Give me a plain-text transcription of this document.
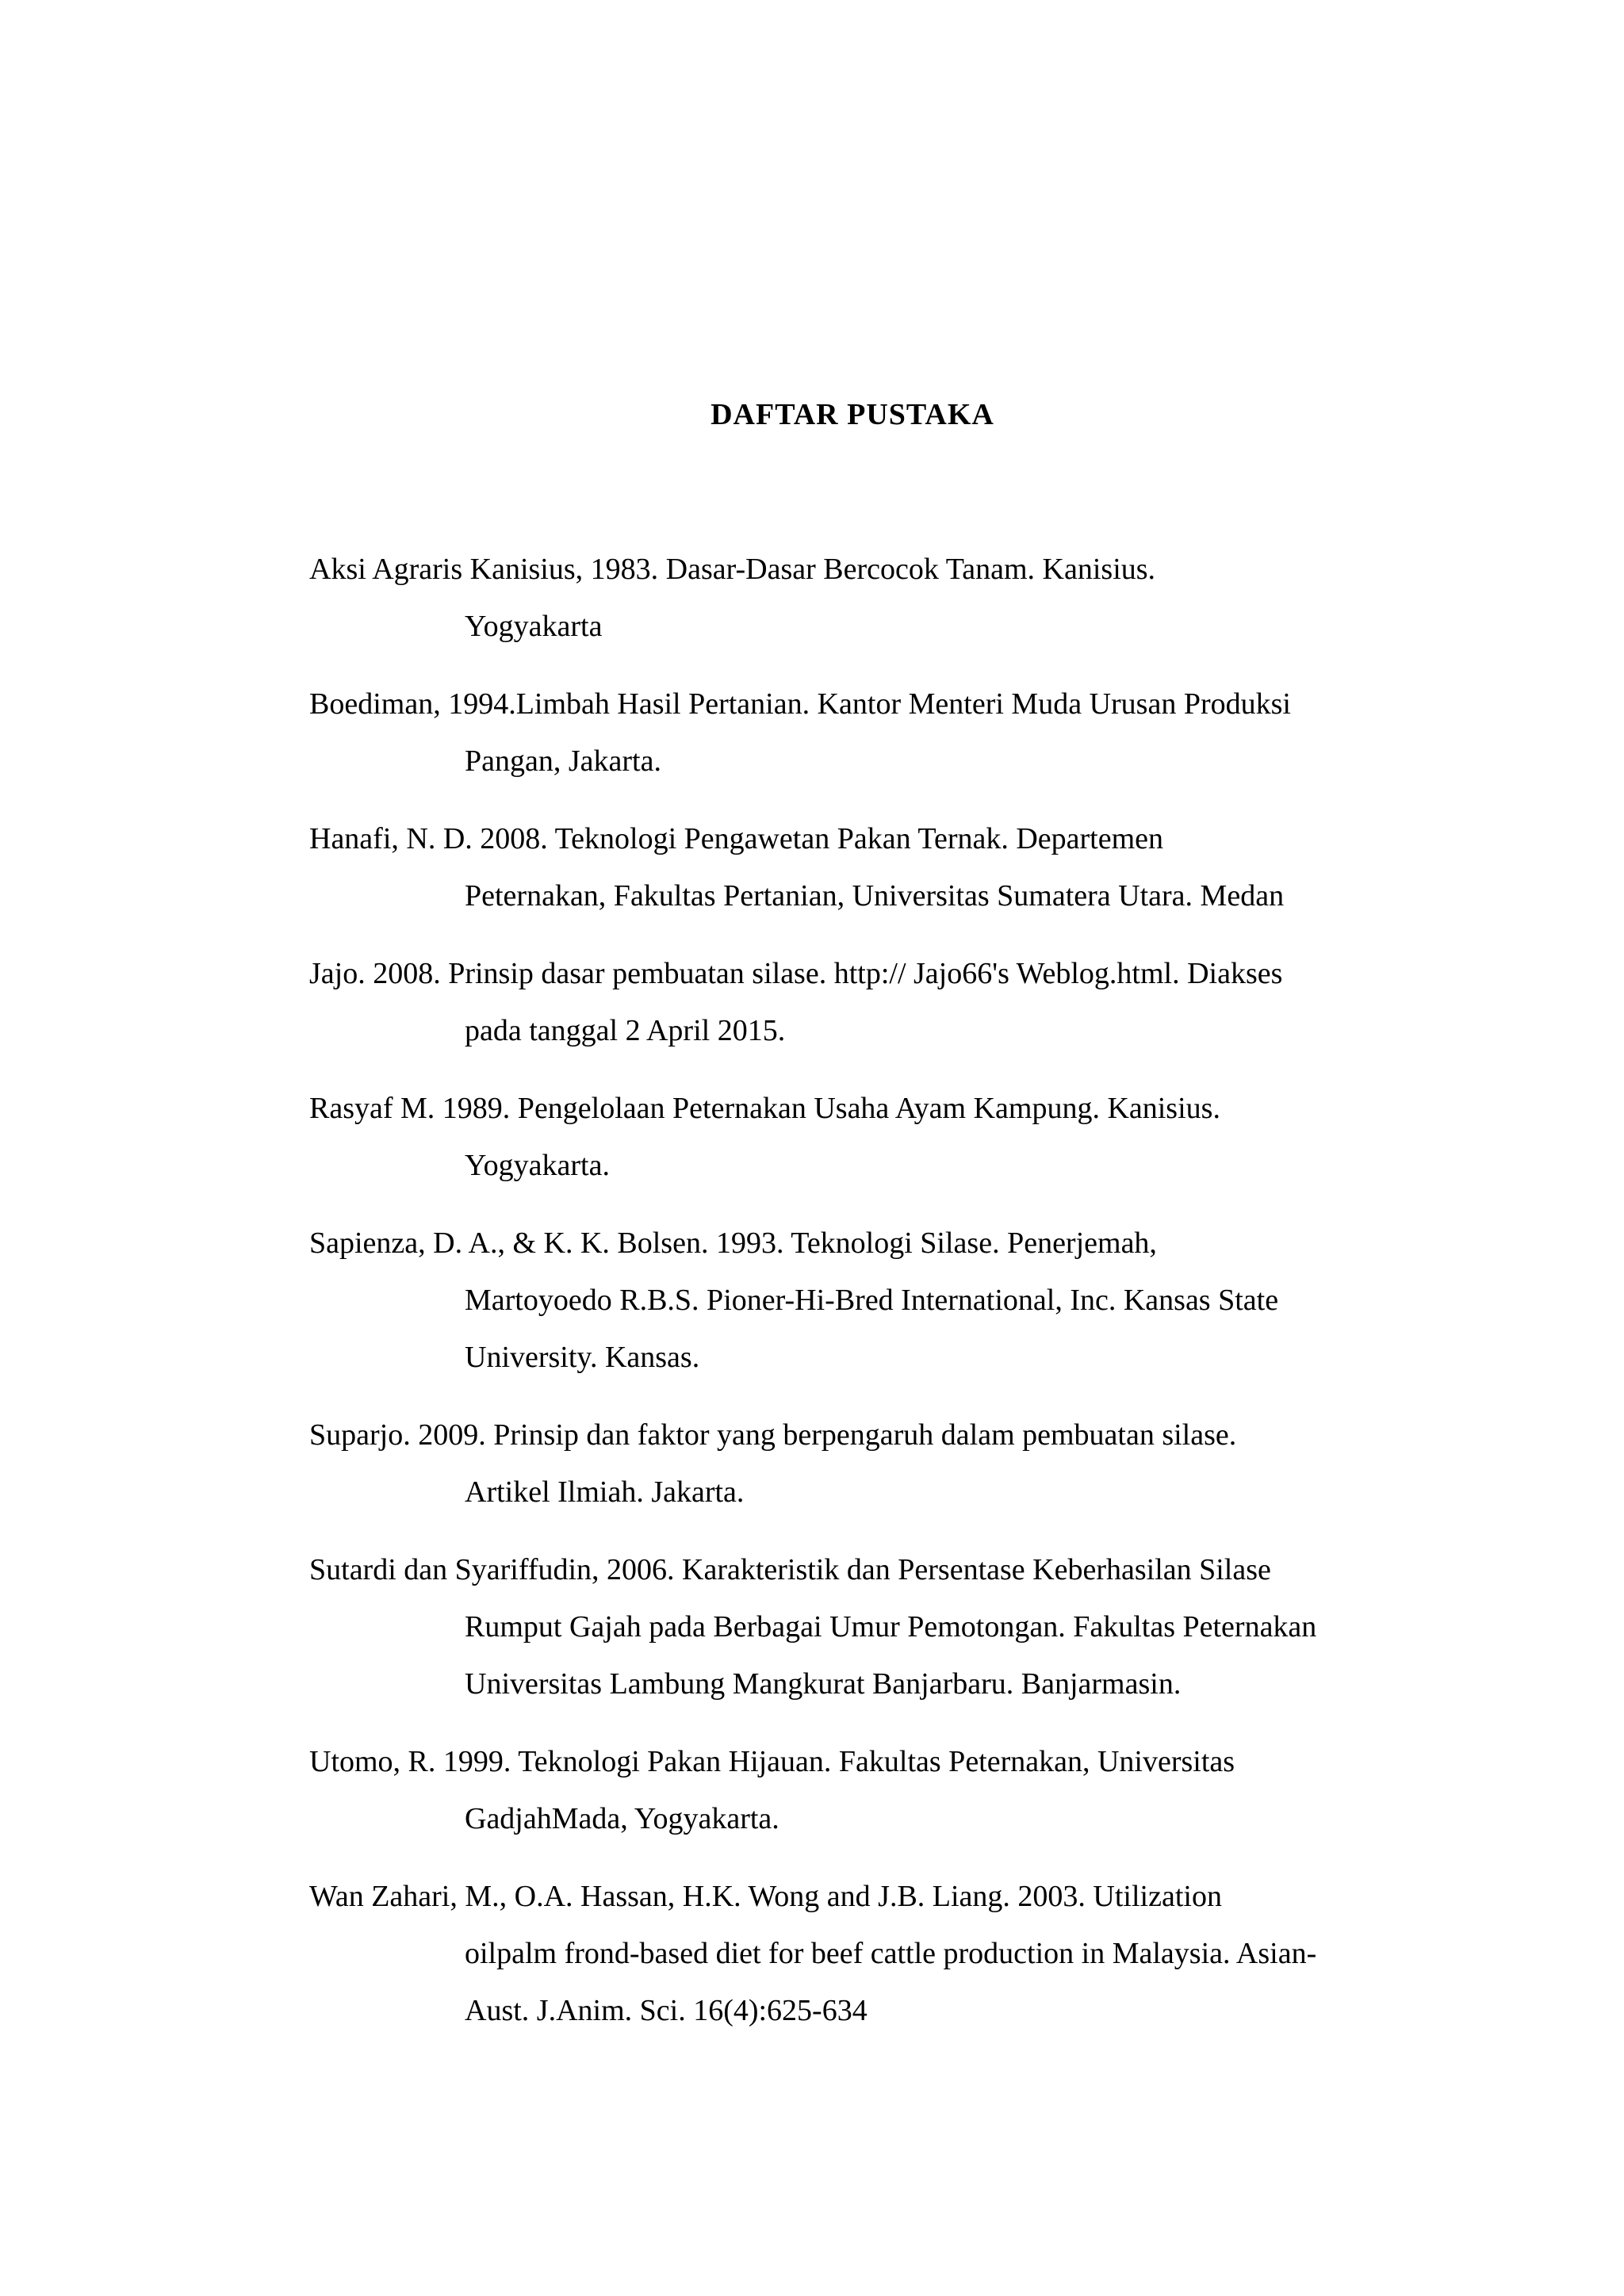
DAFTAR PUSTAKA
Aksi Agraris Kanisius, 1983. Dasar-Dasar Bercocok Tanam. Kanisius.
Yogyakarta
Boediman, 1994.Limbah Hasil Pertanian. Kantor Menteri Muda Urusan Produksi
Pangan, Jakarta.
Hanafi, N. D. 2008. Teknologi Pengawetan Pakan Ternak. Departemen
Peternakan, Fakultas Pertanian, Universitas Sumatera Utara. Medan
Jajo. 2008. Prinsip dasar pembuatan silase. http:// Jajo66's Weblog.html. Diakses
pada tanggal 2 April 2015.
Rasyaf M. 1989. Pengelolaan Peternakan Usaha Ayam Kampung. Kanisius.
Yogyakarta.
Sapienza, D. A., & K. K. Bolsen. 1993. Teknologi Silase. Penerjemah,
Martoyoedo R.B.S. Pioner-Hi-Bred International, Inc. Kansas State
University. Kansas.
Suparjo. 2009. Prinsip dan faktor yang berpengaruh dalam pembuatan silase.
Artikel Ilmiah. Jakarta.
Sutardi dan Syariffudin, 2006. Karakteristik dan Persentase Keberhasilan Silase
Rumput Gajah pada Berbagai Umur Pemotongan. Fakultas Peternakan
Universitas Lambung Mangkurat Banjarbaru. Banjarmasin.
Utomo, R. 1999. Teknologi Pakan Hijauan. Fakultas Peternakan, Universitas
GadjahMada, Yogyakarta.
Wan Zahari, M., O.A. Hassan, H.K. Wong and J.B. Liang. 2003. Utilization
oilpalm frond-based diet for beef cattle production in Malaysia. Asian-
Aust. J.Anim. Sci. 16(4):625-634
